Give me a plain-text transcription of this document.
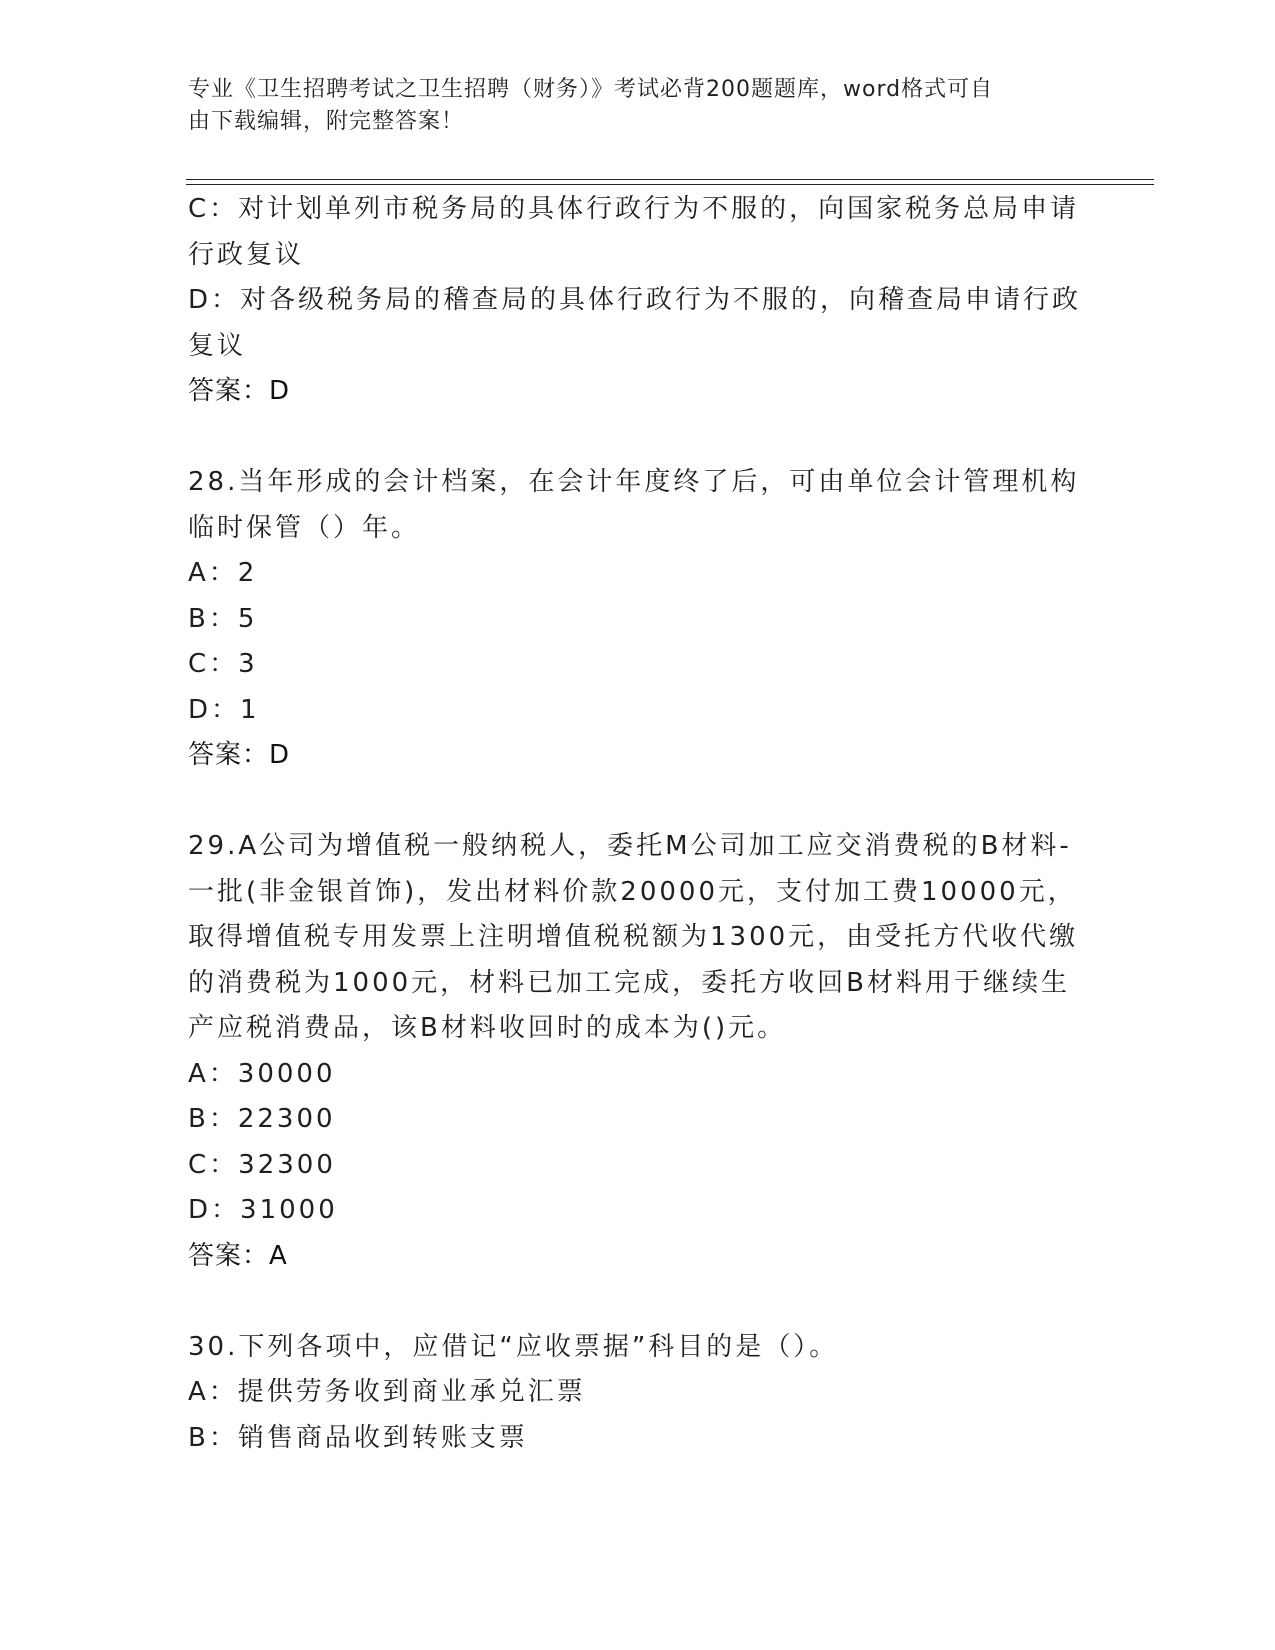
专业《卫生招聘考试之卫生招聘（财务）》考试必背200题题库，word格式可自
由下载编辑，附完整答案！
C：对计划单列市税务局的具体行政行为不服的，向国家税务总局申请
行政复议
D：对各级税务局的稽查局的具体行政行为不服的，向稽查局申请行政
复议
答案：D
28.当年形成的会计档案，在会计年度终了后，可由单位会计管理机构
临时保管（）年。
A：2
B：5
C：3
D：1
答案：D
29.A公司为增值税一般纳税人，委托M公司加工应交消费税的B材料-
一批(非金银首饰)，发出材料价款20000元，支付加工费10000元，
取得增值税专用发票上注明增值税税额为1300元，由受托方代收代缴
的消费税为1000元，材料已加工完成，委托方收回B材料用于继续生
产应税消费品，该B材料收回时的成本为()元。
A：30000
B：22300
C：32300
D：31000
答案：A
30.下列各项中，应借记“应收票据”科目的是（）。
A：提供劳务收到商业承兑汇票
B：销售商品收到转账支票
